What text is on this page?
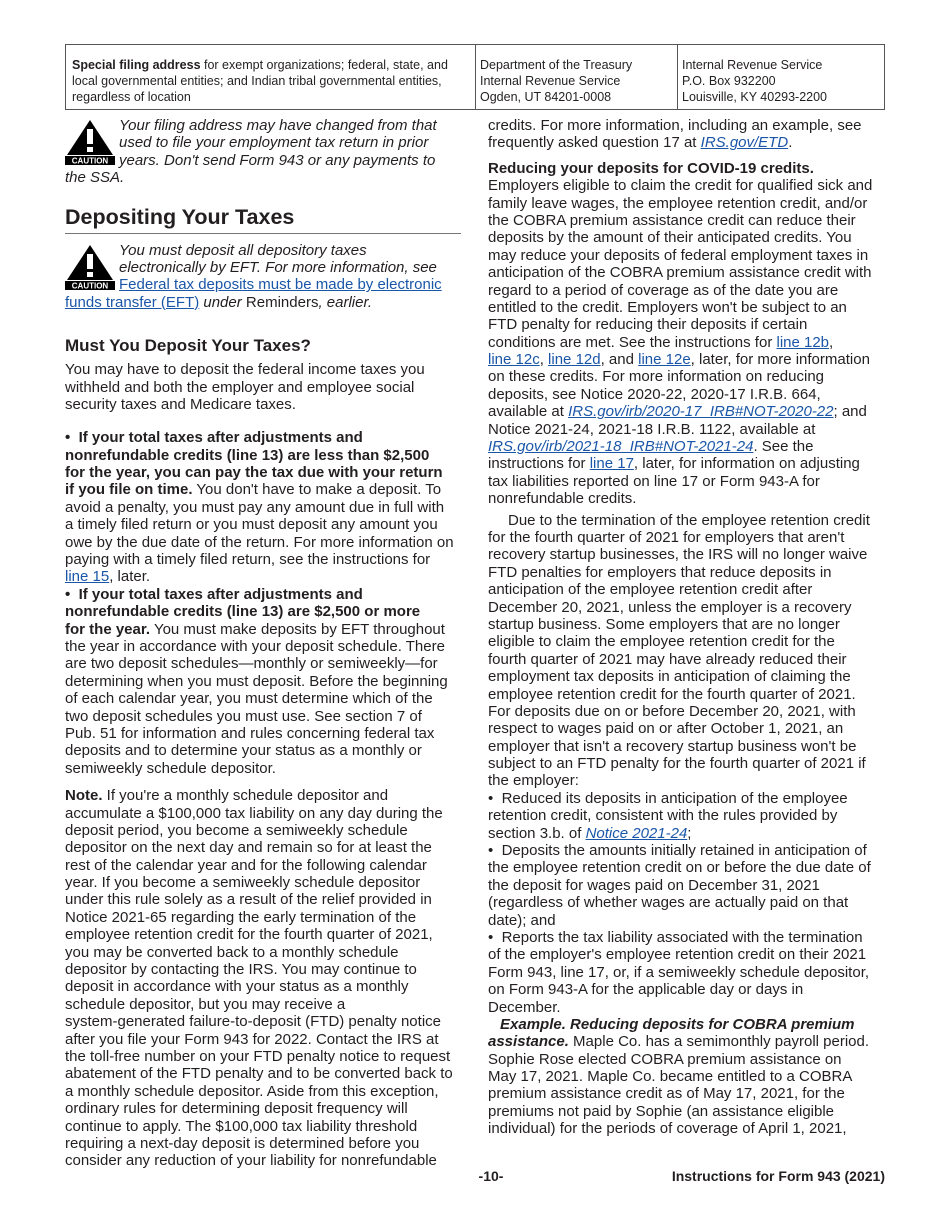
Special filing address for exempt organizations; federal, state, and
local governmental entities; and Indian tribal governmental entities,
regardless of location
Department of the Treasury
Internal Revenue Service
Ogden, UT 84201-0008
Internal Revenue Service
P.O. Box 932200
Louisville, KY 40293-2200
CAUTION
Your filing address may have changed from that
used to file your employment tax return in prior
years. Don't send Form 943 or any payments to
the SSA.
Depositing Your Taxes
CAUTION
You must deposit all depository taxes
electronically by EFT. For more information, see
Federal tax deposits must be made by electronic
funds transfer (EFT) under Reminders, earlier.
Must You Deposit Your Taxes?
You may have to deposit the federal income taxes you
withheld and both the employer and employee social
security taxes and Medicare taxes.
•  If your total taxes after adjustments and
nonrefundable credits (line 13) are less than $2,500
for the year, you can pay the tax due with your return
if you file on time. You don't have to make a deposit. To
avoid a penalty, you must pay any amount due in full with
a timely filed return or you must deposit any amount you
owe by the due date of the return. For more information on
paying with a timely filed return, see the instructions for
line 15, later.
•  If your total taxes after adjustments and
nonrefundable credits (line 13) are $2,500 or more
for the year. You must make deposits by EFT throughout
the year in accordance with your deposit schedule. There
are two deposit schedules—monthly or semiweekly—for
determining when you must deposit. Before the beginning
of each calendar year, you must determine which of the
two deposit schedules you must use. See section 7 of
Pub. 51 for information and rules concerning federal tax
deposits and to determine your status as a monthly or
semiweekly schedule depositor.
Note. If you're a monthly schedule depositor and
accumulate a $100,000 tax liability on any day during the
deposit period, you become a semiweekly schedule
depositor on the next day and remain so for at least the
rest of the calendar year and for the following calendar
year. If you become a semiweekly schedule depositor
under this rule solely as a result of the relief provided in
Notice 2021-65 regarding the early termination of the
employee retention credit for the fourth quarter of 2021,
you may be converted back to a monthly schedule
depositor by contacting the IRS. You may continue to
deposit in accordance with your status as a monthly
schedule depositor, but you may receive a
system-generated failure-to-deposit (FTD) penalty notice
after you file your Form 943 for 2022. Contact the IRS at
the toll-free number on your FTD penalty notice to request
abatement of the FTD penalty and to be converted back to
a monthly schedule depositor. Aside from this exception,
ordinary rules for determining deposit frequency will
continue to apply. The $100,000 tax liability threshold
requiring a next-day deposit is determined before you
consider any reduction of your liability for nonrefundable
credits. For more information, including an example, see
frequently asked question 17 at IRS.gov/ETD.
Reducing your deposits for COVID-19 credits.
Employers eligible to claim the credit for qualified sick and
family leave wages, the employee retention credit, and/or
the COBRA premium assistance credit can reduce their
deposits by the amount of their anticipated credits. You
may reduce your deposits of federal employment taxes in
anticipation of the COBRA premium assistance credit with
regard to a period of coverage as of the date you are
entitled to the credit. Employers won't be subject to an
FTD penalty for reducing their deposits if certain
conditions are met. See the instructions for line 12b,
line 12c, line 12d, and line 12e, later, for more information
on these credits. For more information on reducing
deposits, see Notice 2020-22, 2020-17 I.R.B. 664,
available at IRS.gov/irb/2020-17_IRB#NOT-2020-22; and
Notice 2021-24, 2021-18 I.R.B. 1122, available at
IRS.gov/irb/2021-18_IRB#NOT-2021-24. See the
instructions for line 17, later, for information on adjusting
tax liabilities reported on line 17 or Form 943-A for
nonrefundable credits.
Due to the termination of the employee retention credit
for the fourth quarter of 2021 for employers that aren't
recovery startup businesses, the IRS will no longer waive
FTD penalties for employers that reduce deposits in
anticipation of the employee retention credit after
December 20, 2021, unless the employer is a recovery
startup business. Some employers that are no longer
eligible to claim the employee retention credit for the
fourth quarter of 2021 may have already reduced their
employment tax deposits in anticipation of claiming the
employee retention credit for the fourth quarter of 2021.
For deposits due on or before December 20, 2021, with
respect to wages paid on or after October 1, 2021, an
employer that isn't a recovery startup business won't be
subject to an FTD penalty for the fourth quarter of 2021 if
the employer:
•  Reduced its deposits in anticipation of the employee
retention credit, consistent with the rules provided by
section 3.b. of Notice 2021-24;
•  Deposits the amounts initially retained in anticipation of
the employee retention credit on or before the due date of
the deposit for wages paid on December 31, 2021
(regardless of whether wages are actually paid on that
date); and
•  Reports the tax liability associated with the termination
of the employer's employee retention credit on their 2021
Form 943, line 17, or, if a semiweekly schedule depositor,
on Form 943-A for the applicable day or days in
December.
Example. Reducing deposits for COBRA premium
assistance. Maple Co. has a semimonthly payroll period.
Sophie Rose elected COBRA premium assistance on
May 17, 2021. Maple Co. became entitled to a COBRA
premium assistance credit as of May 17, 2021, for the
premiums not paid by Sophie (an assistance eligible
individual) for the periods of coverage of April 1, 2021,
-10-	Instructions for Form 943 (2021)
